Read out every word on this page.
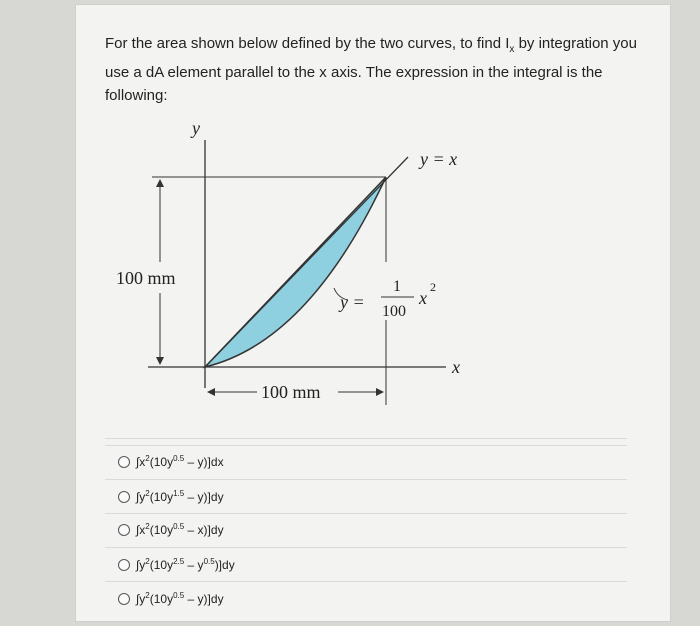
For the area shown below defined by the two curves, to find $I_x$ by integration you use a dA element parallel to the x axis. The expression in the integral is the following:

y
x
y = x
y =
1
100
x
2
100 mm
100 mm
$\int x^2(10y^{0.5} - y)]dx$
$\int y^2(10y^{1.5} - y)]dy$
$\int x^2(10y^{0.5} - x)]dy$
$\int y^2(10y^{2.5} - y^{0.5})]dy$
$\int y^2(10y^{0.5} - y)]dy$
